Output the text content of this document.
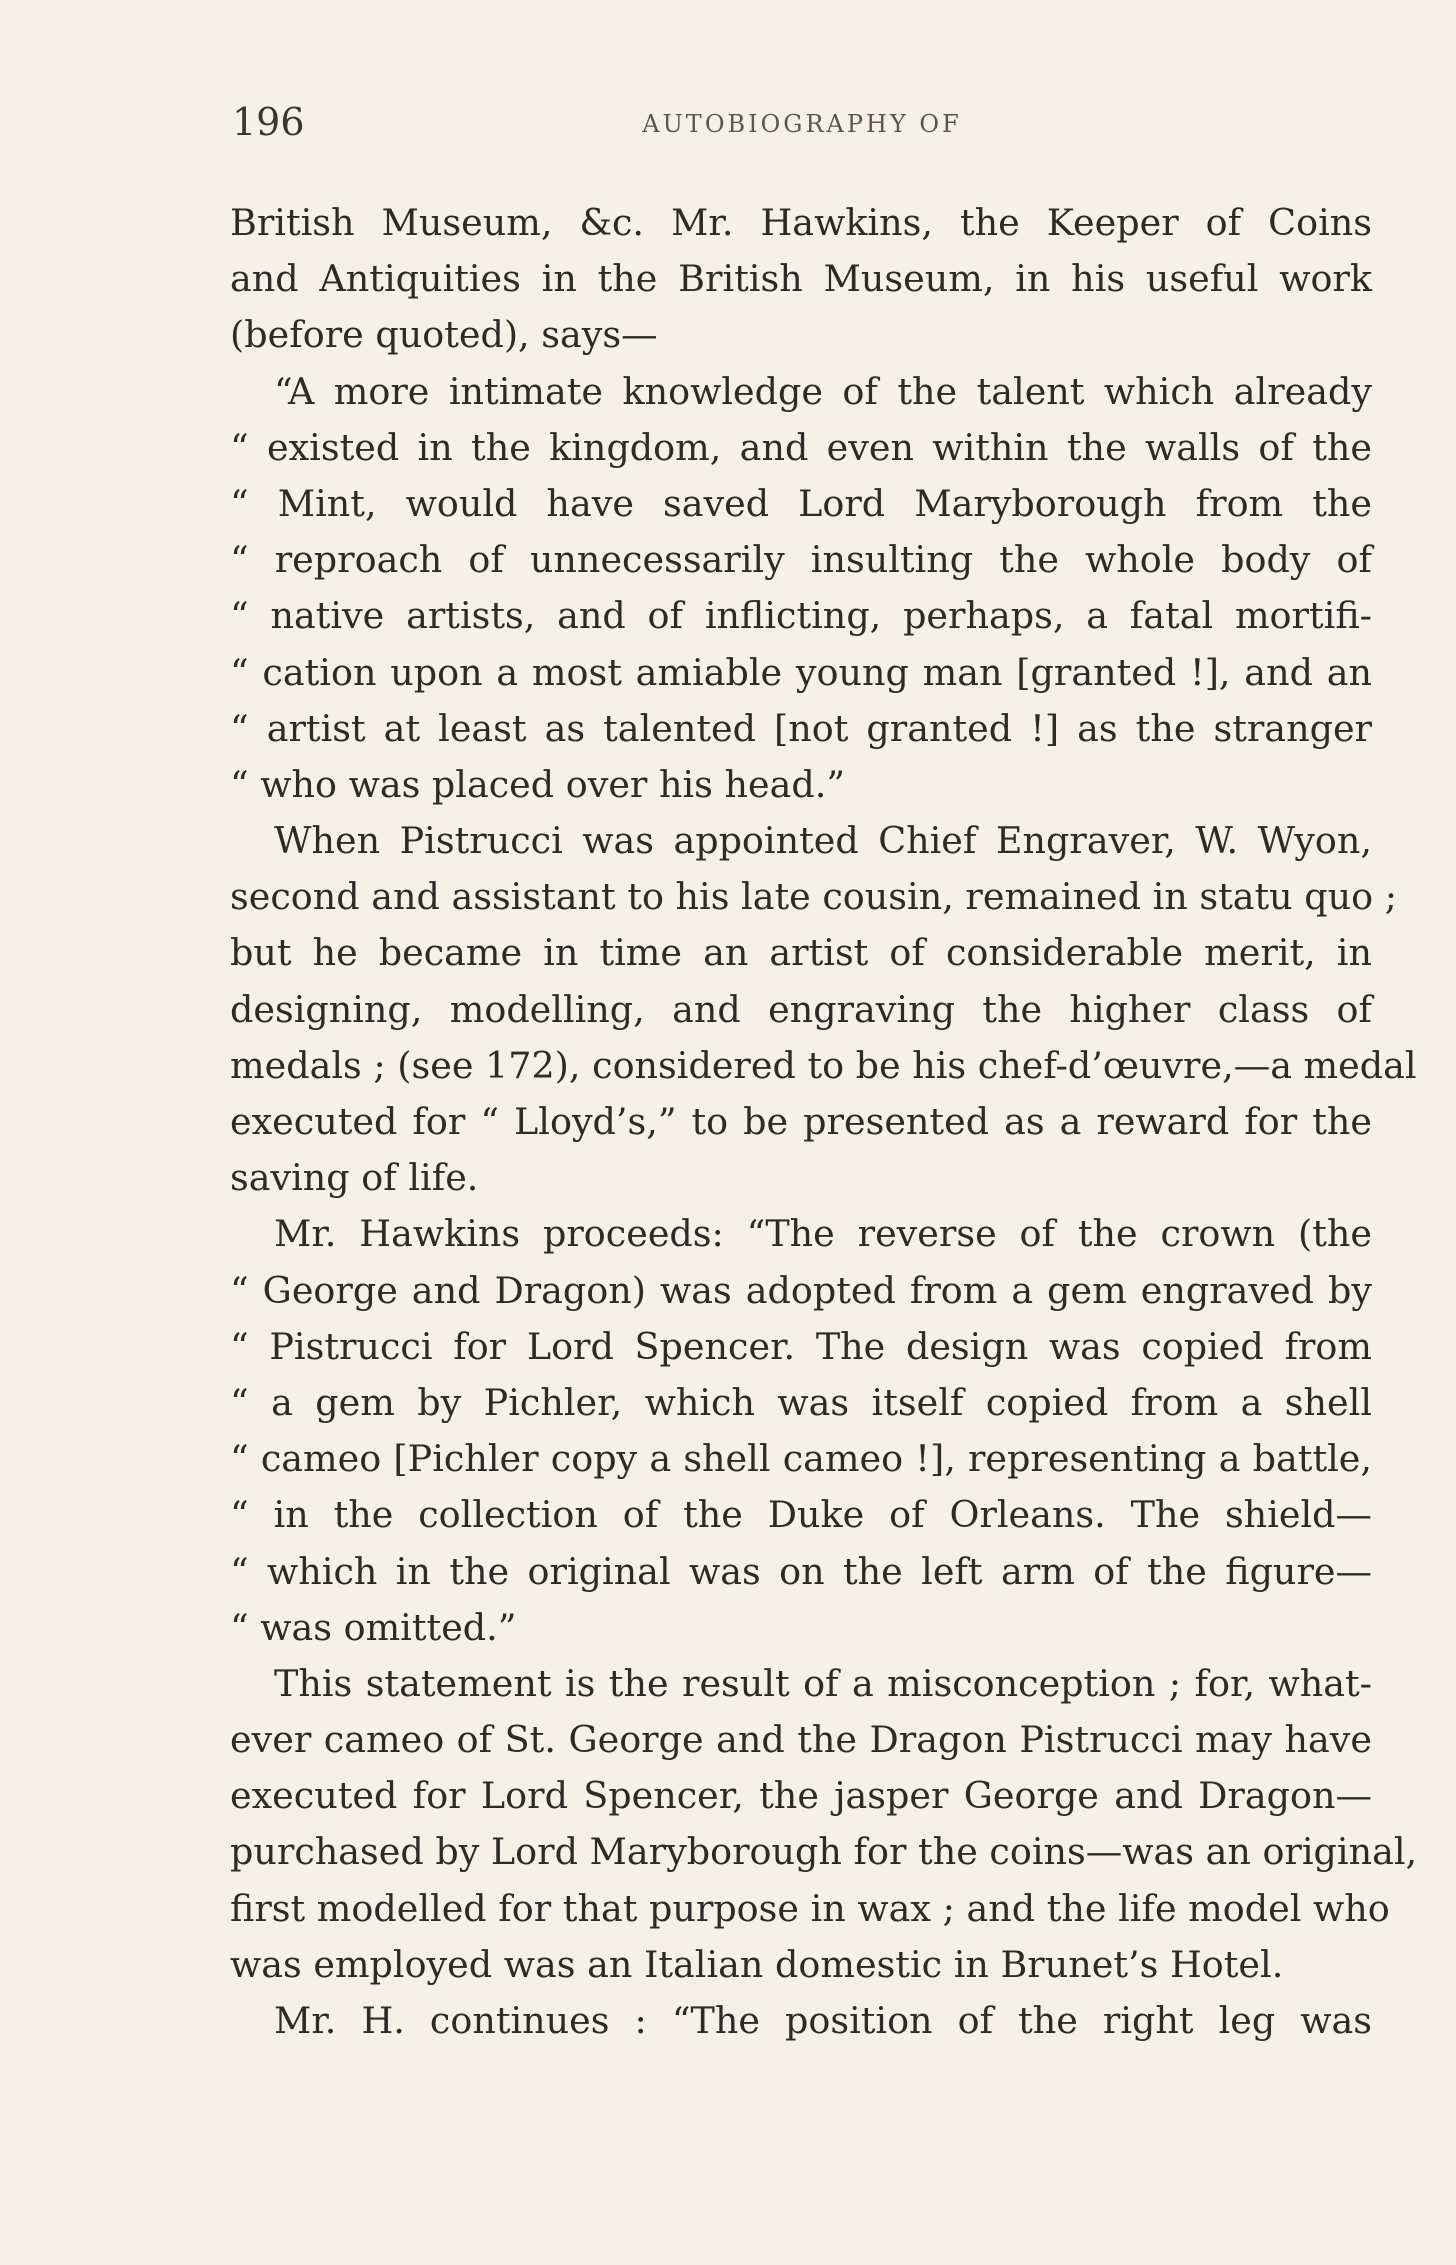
196	AUTOBIOGRAPHY OF
British Museum, &c. Mr. Hawkins, the Keeper of Coins
and Antiquities in the British Museum, in his useful work
(before quoted), says—
“A more intimate knowledge of the talent which already
“ existed in the kingdom, and even within the walls of the
“ Mint, would have saved Lord Maryborough from the
“ reproach of unnecessarily insulting the whole body of
“ native artists, and of inflicting, perhaps, a fatal mortifi-
“ cation upon a most amiable young man [granted !], and an
“ artist at least as talented [not granted !] as the stranger
“ who was placed over his head.”
When Pistrucci was appointed Chief Engraver, W. Wyon,
second and assistant to his late cousin, remained in statu quo ;
but he became in time an artist of considerable merit, in
designing, modelling, and engraving the higher class of
medals ; (see 172), considered to be his chef-d’œuvre,—a medal
executed for “ Lloyd’s,” to be presented as a reward for the
saving of life.
Mr. Hawkins proceeds: “The reverse of the crown (the
“ George and Dragon) was adopted from a gem engraved by
“ Pistrucci for Lord Spencer. The design was copied from
“ a gem by Pichler, which was itself copied from a shell
“ cameo [Pichler copy a shell cameo !], representing a battle,
“ in the collection of the Duke of Orleans. The shield—
“ which in the original was on the left arm of the figure—
“ was omitted.”
This statement is the result of a misconception ; for, what-
ever cameo of St. George and the Dragon Pistrucci may have
executed for Lord Spencer, the jasper George and Dragon—
purchased by Lord Maryborough for the coins—was an original,
first modelled for that purpose in wax ; and the life model who
was employed was an Italian domestic in Brunet’s Hotel.
Mr. H. continues : “The position of the right leg was
